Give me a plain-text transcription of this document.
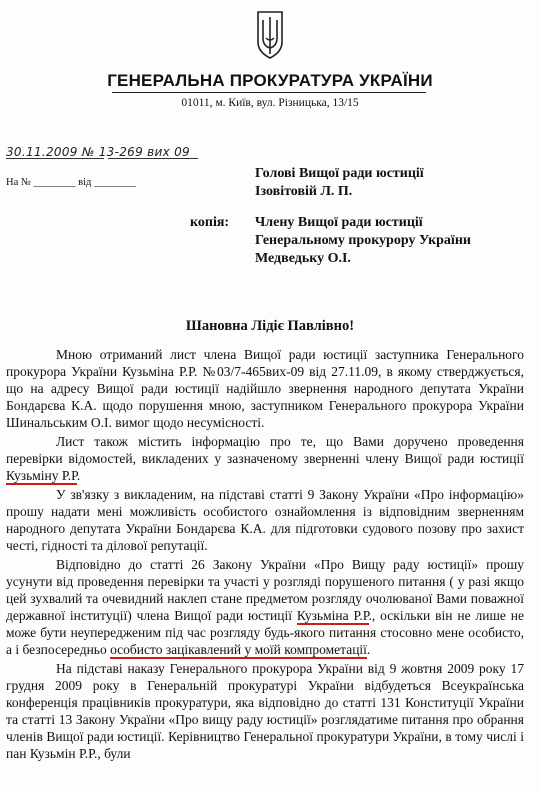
ГЕНЕРАЛЬНА ПРОКУРАТУРА УКРАЇНИ
01011, м. Київ, вул. Різницька, 13/15
30.11.2009 № 13-269 вих 09
На № ________ від ________
Голові Вищої ради юстиції
Ізовітовій Л. П.
копія: Члену Вищої ради юстиції
Генеральному прокурору України
Медведьку О.І.
Шановна Лідіє Павлівно!

Мною отриманий лист члена Вищої ради юстиції заступника Генерального прокурора України Кузьміна Р.Р. №03/7-465вих-09 від 27.11.09, в якому стверджується, що на адресу Вищої ради юстиції надійшло звернення народного депутата України Бондарєва К.А. щодо порушення мною, заступником Генерального прокурора України Шинальським О.І. вимог щодо несумісності.

Лист також містить інформацію про те, що Вами доручено проведення перевірки відомостей, викладених у зазначеному зверненні члену Вищої ради юстиції Кузьміну Р.Р.

У зв'язку з викладеним, на підставі статті 9 Закону України «Про інформацію» прошу надати мені можливість особистого ознайомлення із відповідним зверненням народного депутата України Бондарєва К.А. для підготовки судового позову про захист честі, гідності та ділової репутації.

Відповідно до статті 26 Закону України «Про Вищу раду юстиції» прошу усунути від проведення перевірки та участі у розгляді порушеного питання ( у разі якщо цей зухвалий та очевидний наклеп стане предметом розгляду очолюваної Вами поважної державної інституції) члена Вищої ради юстиції Кузьміна Р.Р., оскільки він не лише не може бути неупередженим під час розгляду будь-якого питання стосовно мене особисто, а і безпосередньо особисто зацікавлений у моїй компрометації.

На підставі наказу Генерального прокурора України від 9 жовтня 2009 року 17 грудня 2009 року в Генеральній прокуратурі України відбудеться Всеукраїнська конференція працівників прокуратури, яка відповідно до статті 131 Конституції України та статті 13 Закону України «Про вищу раду юстиції» розглядатиме питання про обрання членів Вищої ради юстиції. Керівництво Генеральної прокуратури України, в тому числі і пан Кузьмін Р.Р., були
